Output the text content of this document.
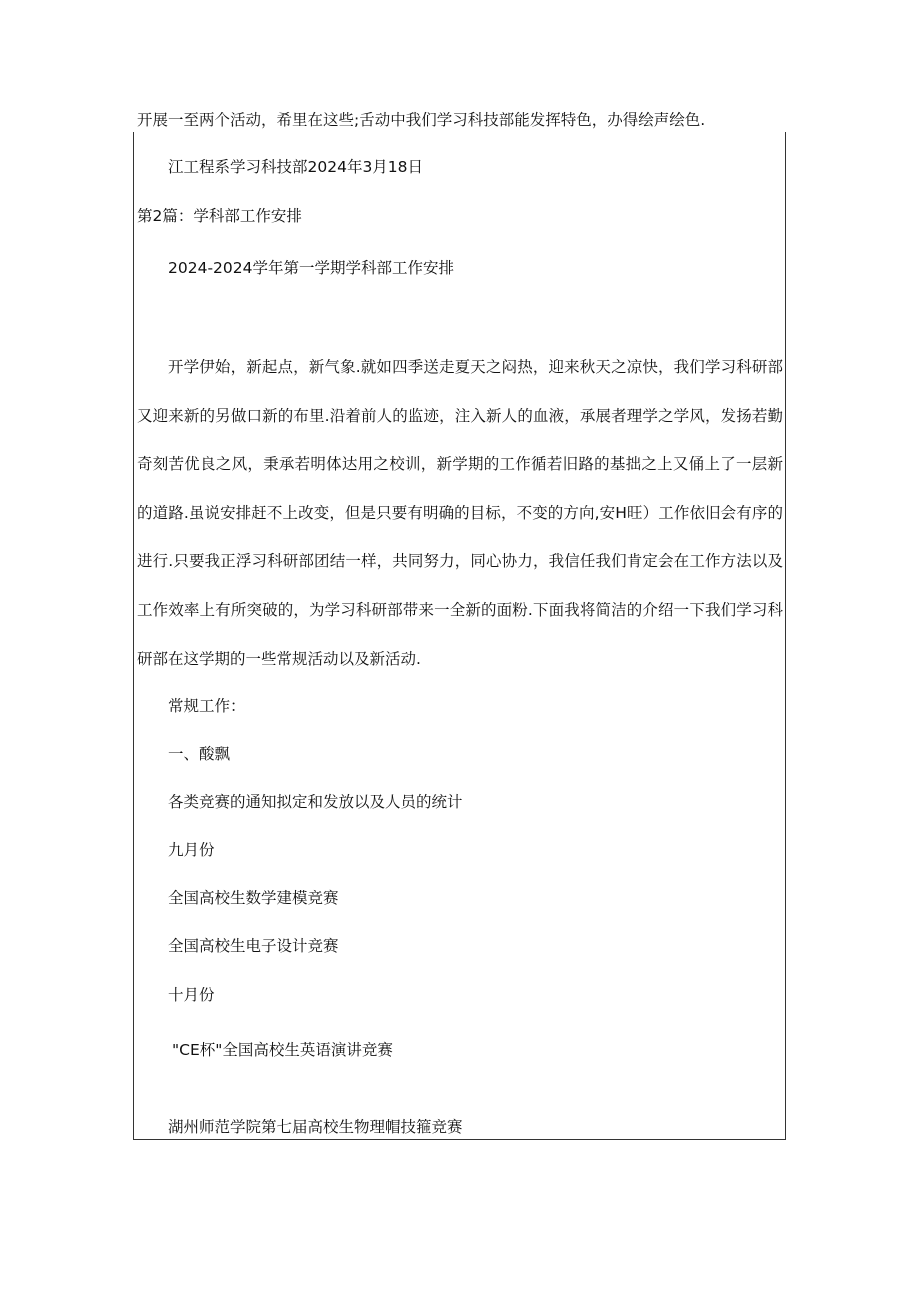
开展一至两个活动，希里在这些;舌动中我们学习科技部能发挥特色，办得绘声绘色.
江工程系学习科技部2024年3月18日
第2篇：学科部工作安排
2024-2024学年第一学期学科部工作安排
开学伊始，新起点，新气象.就如四季送走夏天之闷热，迎来秋天之凉快，我们学习科研部又迎来新的另做口新的布里.沿着前人的监迹，注入新人的血液，承展者理学之学风，发扬若勤奇刻苦优良之风，秉承若明体达用之校训，新学期的工作循若旧路的基拙之上又俑上了一层新的道路.虽说安排赶不上改变，但是只要有明确的目标，不变的方向,安H旺）工作依旧会有序的进行.只要我正浮习科研部团结一样，共同努力，同心协力，我信任我们肯定会在工作方法以及工作效率上有所突破的，为学习科研部带来一全新的面粉.下面我将简洁的介绍一下我们学习科研部在这学期的一些常规活动以及新活动.
常规工作：
一、酸飘
各类竞赛的通知拟定和发放以及人员的统计
九月份
全国高校生数学建模竞赛
全国高校生电子设计竞赛
十月份
"CE杯"全国高校生英语演讲竞赛
湖州师范学院第七届高校生物理帽技箍竞赛
